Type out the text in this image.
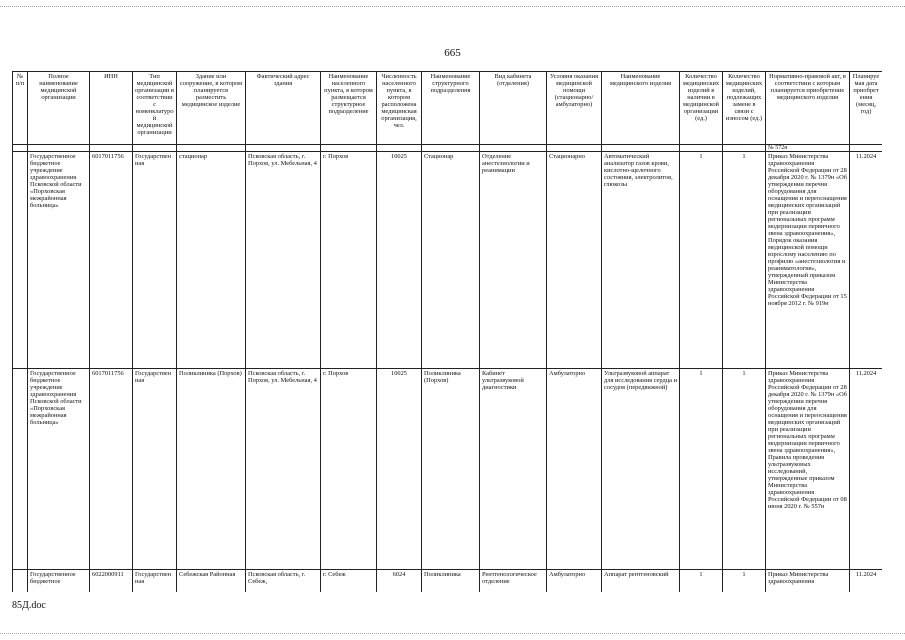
665
№ п/п	Полное наименование медицинской организации	ИНН	Тип медицинской организации в соответствии с номенклатурой медицинской организации	Здание или сооружение, в котором планируется разместить медицинское изделие	Фактический адрес здания	Наименование населенного пункта, в котором размещается структурное подразделение	Численность населенного пункта, в котором расположена медицинская организация, чел.	Наименование структурного подразделения	Вид кабинета (отделения)	Условия оказания медицинской помощи (стационарно/амбулаторно)	Наименование медицинского изделия	Количество медицинских изделий в наличии в медицинской организации (ед.)	Количество медицинских изделий, подлежащих замене в связи с износом (ед.)	Нормативно-правовой акт, в соответствии с которым планируется приобретение медицинского изделия	Планируемая дата приобретения (месяц, год)
														№ 572н	
	Государственное бюджетное учреждение здравоохранения Псковской области «Порховская межрайонная больница»	6017011756	Государственная	стационар	Псковская область, г. Порхов, ул. Мебельная, 4	г. Порхов	10025	Стационар	Отделение анестезиологии и реанимации	Стационарно	Автоматический анализатор газов крови, кислотно-щелочного состояния, электролитов, глюкозы	1	1	Приказ Министерства здравоохранения Российской Федерации от 28 декабря 2020 г. № 1379н «Об утверждении перечня оборудования для оснащения и переоснащения медицинских организаций при реализации региональных программ модернизации первичного звена здравоохранения», Порядок оказания медицинской помощи взрослому населению по профилю «анестезиология и реаниматология», утвержденный приказом Министерства здравоохранения Российской Федерации от 15 ноября 2012 г. № 919н	11.2024
	Государственное бюджетное учреждение здравоохранения Псковской области «Порховская межрайонная больница»	6017011756	Государственная	Поликлиника (Порхов)	Псковская область, г. Порхов, ул. Мебельная, 4	г. Порхов	10025	Поликлиника (Порхов)	Кабинет ультразвуковой диагностики	Амбулаторно	Ультразвуковой аппарат для исследования сердца и сосудов (передвижной)	1	1	Приказ Министерства здравоохранения Российской Федерации от 28 декабря 2020 г. № 1379н «Об утверждении перечня оборудования для оснащения и переоснащения медицинских организаций при реализации региональных программ модернизации первичного звена здравоохранения», Правила проведения ультразвуковых исследований, утвержденные приказом Министерства здравоохранения Российской Федерации от 08 июня 2020 г. № 557н	11.2024
	Государственное бюджетное	6022000911	Государственная	Себежская Районная	Псковская область, г. Себеж,	г. Себеж	6024	Поликлиника	Рентгенологическое отделение	Амбулаторно	Аппарат рентгеновский	1	1	Приказ Министерства здравоохранения	11.2024
85Д.doc
